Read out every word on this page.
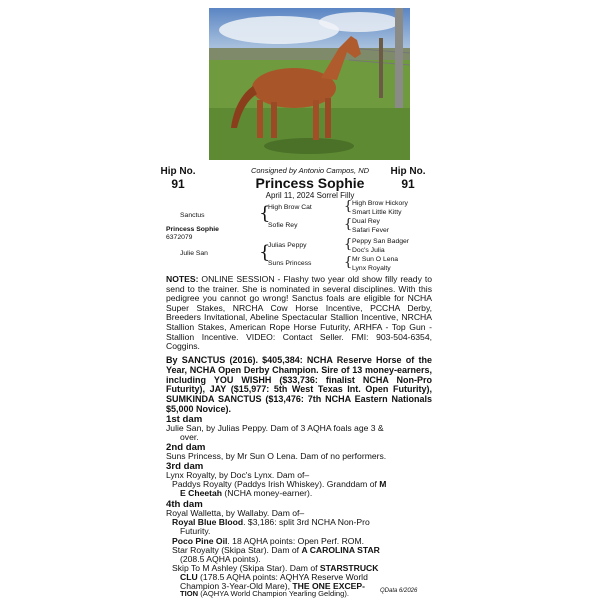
Hip No.
91
Hip No.
91
Consigned by Antonio Campos, ND
Princess Sophie
April 11, 2024 Sorrel Filly
Sanctus
Princess Sophie
6372079
Julie San
{
High Brow Cat
Sofie Rey
{
Julias Peppy
Suns Princess
{
{
{
{
High Brow Hickory
Smart Little Kitty
Dual Rey
Safari Fever
Peppy San Badger
Doc's Julia
Mr Sun O Lena
Lynx Royalty
NOTES: ONLINE SESSION - Flashy two year old show filly ready to send to the trainer. She is nominated in several disciplines. With this pedigree you cannot go wrong! Sanctus foals are eligible for NCHA Super Stakes, NRCHA Cow Horse Incentive, PCCHA Derby, Breeders Invitational, Abeline Spectacular Stallion Incentive, NRCHA Stallion Stakes, American Rope Horse Futurity, ARHFA - Top Gun - Stallion Incentive. VIDEO: Contact Seller. FMI: 903-504-6354, Coggins.
By SANCTUS (2016). $405,384: NCHA Reserve Horse of the Year, NCHA Open Derby Champion. Sire of 13 money-earners, including YOU WISHH ($33,736: finalist NCHA Non-Pro Futurity), JAY ($15,977: 5th West Texas Int. Open Futurity), SUMKINDA SANCTUS ($13,476: 7th NCHA Eastern Nationals $5,000 Novice).
1st dam
Julie San, by Julias Peppy. Dam of 3 AQHA foals age 3 &
over.
2nd dam
Suns Princess, by Mr Sun O Lena. Dam of no performers.
3rd dam
Lynx Royalty, by Doc's Lynx. Dam of–
Paddys Royalty (Paddys Irish Whiskey). Granddam of M
E Cheetah (NCHA money-earner).
4th dam
Royal Walletta, by Wallaby. Dam of–
Royal Blue Blood. $3,186: split 3rd NCHA Non-Pro
Futurity.
Poco Pine Oil. 18 AQHA points: Open Perf. ROM.
Star Royalty (Skipa Star). Dam of A CAROLINA STAR
(208.5 AQHA points).
Skip To M Ashley (Skipa Star). Dam of STARSTRUCK
CLU (178.5 AQHA points: AQHYA Reserve World
Champion 3-Year-Old Mare), THE ONE EXCEP-
TION (AQHYA World Champion Yearling Gelding).	QData 6/2026
